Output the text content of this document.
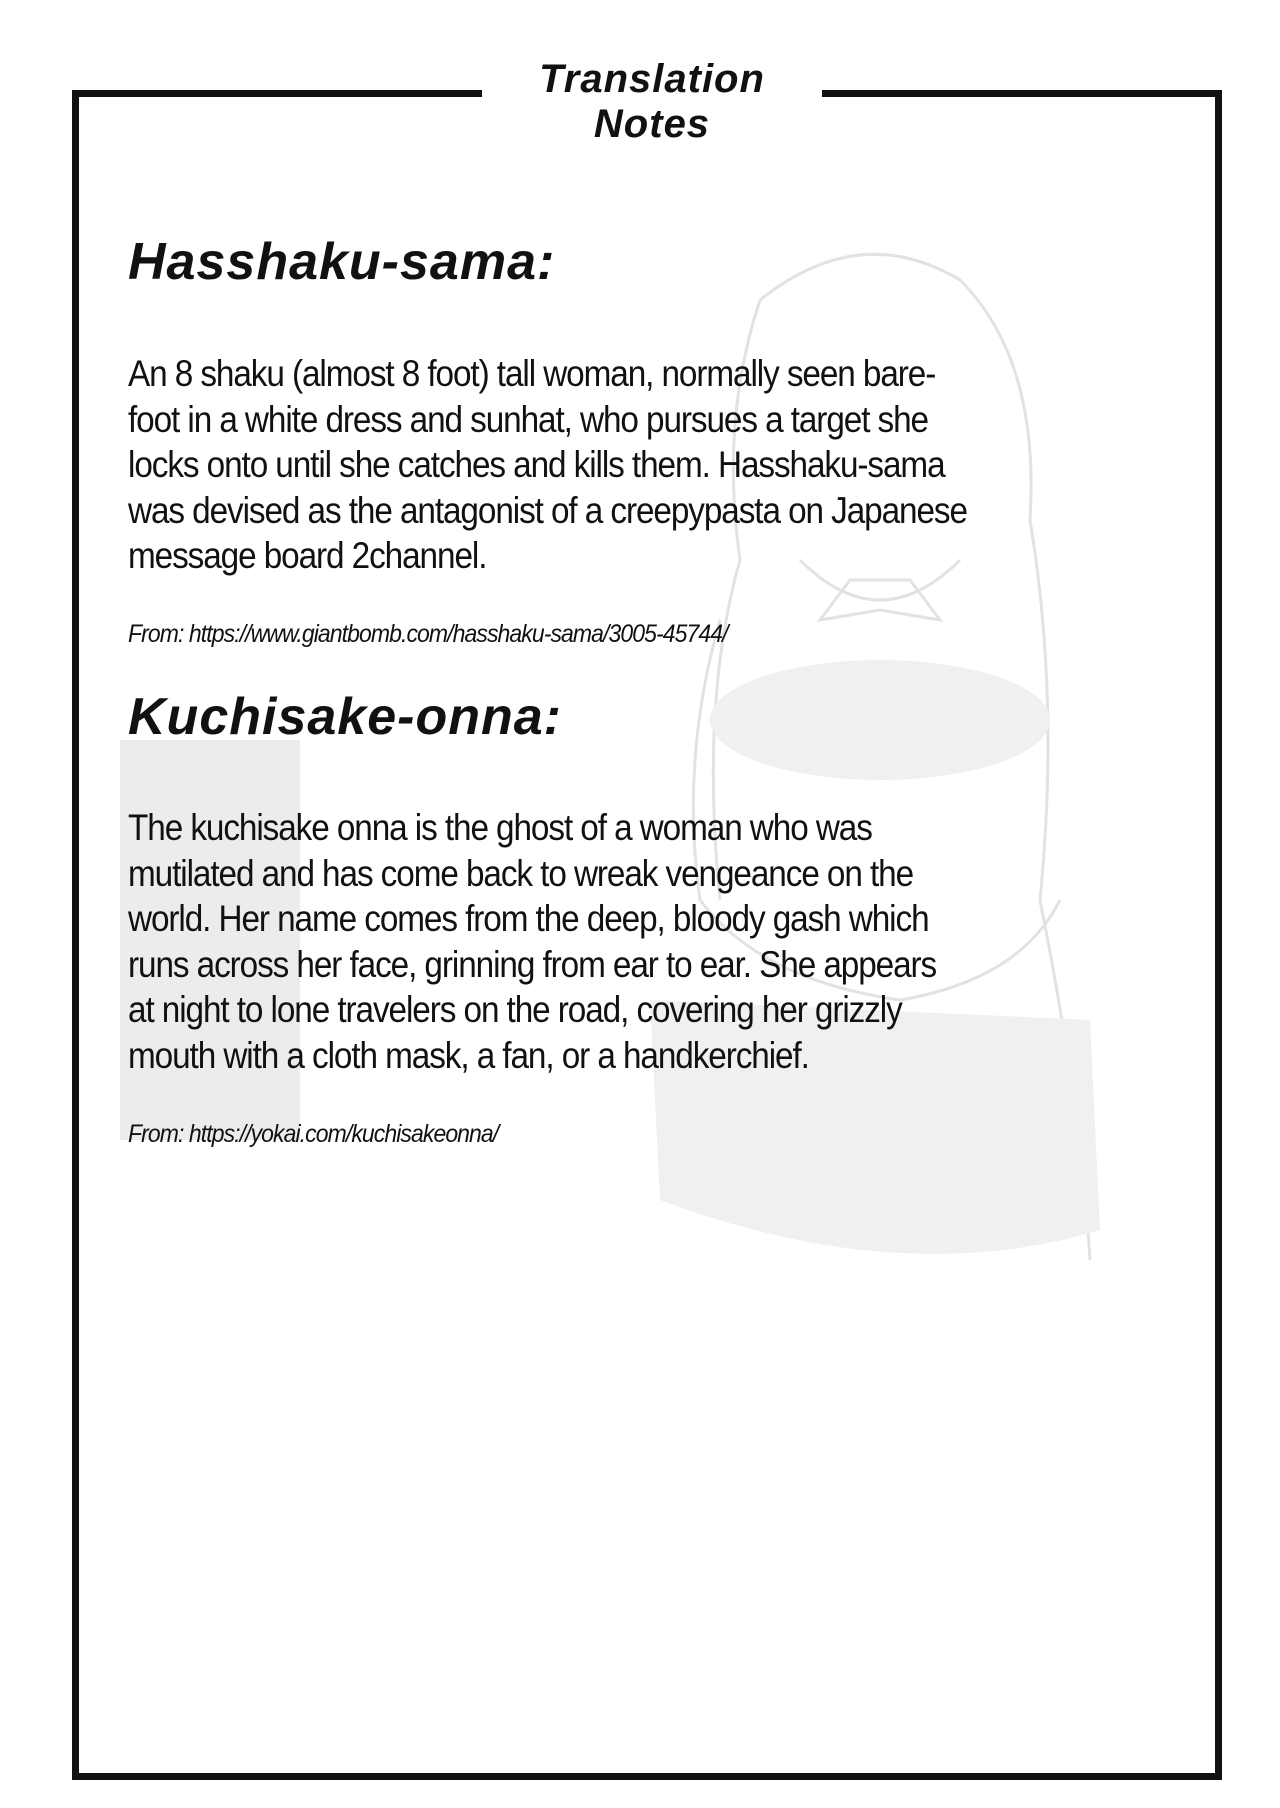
Translation
Notes
Hasshaku-sama:
An 8 shaku (almost 8 foot) tall woman, normally seen bare-
foot in a white dress and sunhat, who pursues a target she
locks onto until she catches and kills them. Hasshaku-sama
was devised as the antagonist of a creepypasta on Japanese
message board 2channel.
From: https://www.giantbomb.com/hasshaku-sama/3005-45744/
Kuchisake-onna:
The kuchisake onna is the ghost of a woman who was
mutilated and has come back to wreak vengeance on the
world. Her name comes from the deep, bloody gash which
runs across her face, grinning from ear to ear. She appears
at night to lone travelers on the road, covering her grizzly
mouth with a cloth mask, a fan, or a handkerchief.
From: https://yokai.com/kuchisakeonna/
